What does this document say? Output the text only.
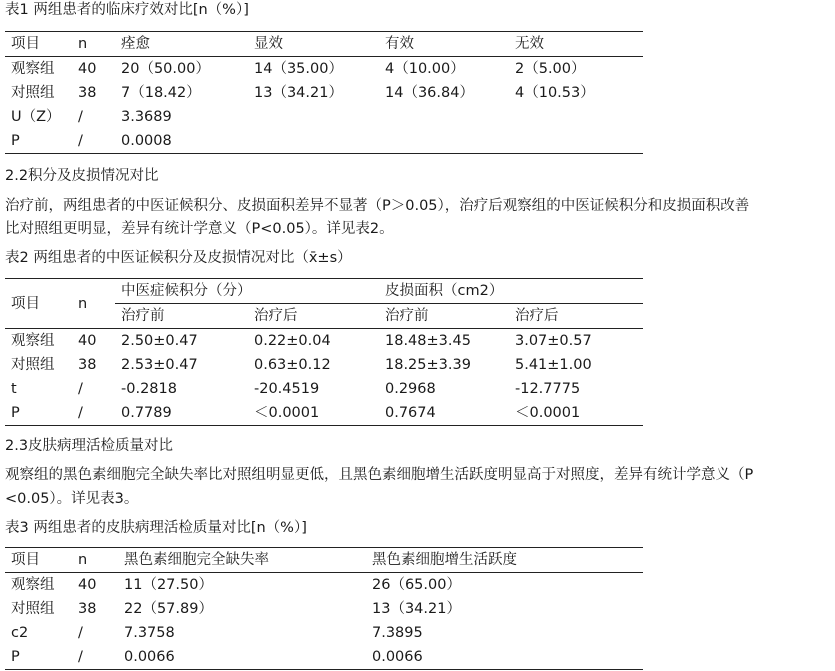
表1 两组患者的临床疗效对比[n（%）]
项目	n	痊愈	显效	有效	无效
观察组	40	20（50.00）	14（35.00）	4（10.00）	2（5.00）
对照组	38	7（18.42）	13（34.21）	14（36.84）	4（10.53）
U（Z）	/	3.3689			
P	/	0.0008			
2.2积分及皮损情况对比
治疗前，两组患者的中医证候积分、皮损面积差异不显著（P＞0.05），治疗后观察组的中医证候积分和皮损面积改善
比对照组更明显，差异有统计学意义（P<0.05）。详见表2。
表2 两组患者的中医证候积分及皮损情况对比（x̄±s）
项目	n	中医症候积分（分）		皮损面积（cm2）	
		治疗前	治疗后	治疗前	治疗后
观察组	40	2.50±0.47	0.22±0.04	18.48±3.45	3.07±0.57
对照组	38	2.53±0.47	0.63±0.12	18.25±3.39	5.41±1.00
t	/	-0.2818	-20.4519	0.2968	-12.7775
P	/	0.7789	＜0.0001	0.7674	＜0.0001
2.3皮肤病理活检质量对比
观察组的黑色素细胞完全缺失率比对照组明显更低，且黑色素细胞增生活跃度明显高于对照度，差异有统计学意义（P
<0.05）。详见表3。
表3 两组患者的皮肤病理活检质量对比[n（%）]
项目	n	黑色素细胞完全缺失率	黑色素细胞增生活跃度
观察组	40	11（27.50）	26（65.00）
对照组	38	22（57.89）	13（34.21）
c2	/	7.3758	7.3895
P	/	0.0066	0.0066
